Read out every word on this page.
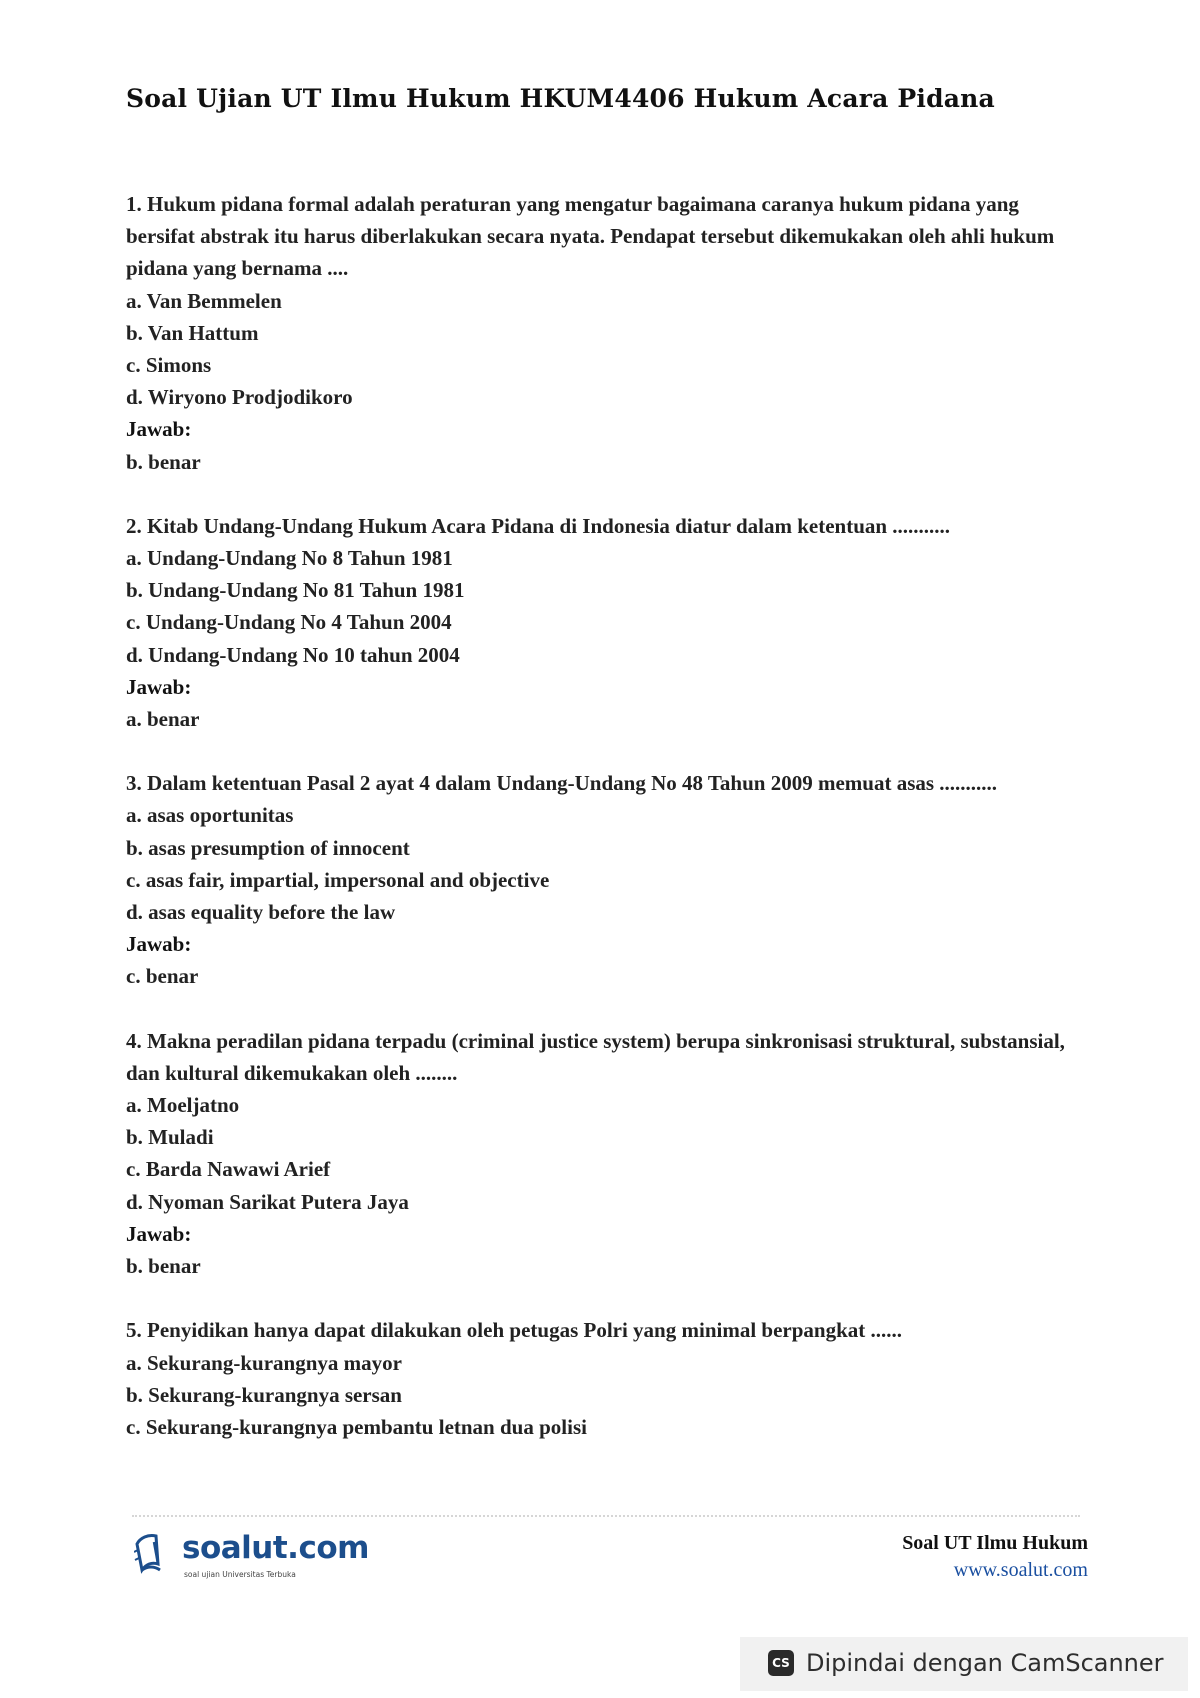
Soal Ujian UT Ilmu Hukum HKUM4406 Hukum Acara Pidana

1. Hukum pidana formal adalah peraturan yang mengatur bagaimana caranya hukum pidana yang bersifat abstrak itu harus diberlakukan secara nyata. Pendapat tersebut dikemukakan oleh ahli hukum pidana yang bernama ....

a. Van Bemmelen

b. Van Hattum

c. Simons

d. Wiryono Prodjodikoro

Jawab:

b. benar

2. Kitab Undang-Undang Hukum Acara Pidana di Indonesia diatur dalam ketentuan ...........

a. Undang-Undang No 8 Tahun 1981

b. Undang-Undang No 81 Tahun 1981

c. Undang-Undang No 4 Tahun 2004

d. Undang-Undang No 10 tahun 2004

Jawab:

a. benar

3. Dalam ketentuan Pasal 2 ayat 4 dalam Undang-Undang No 48 Tahun 2009 memuat asas ...........

a. asas oportunitas

b. asas presumption of innocent

c. asas fair, impartial, impersonal and objective

d. asas equality before the law

Jawab:

c. benar

4. Makna peradilan pidana terpadu (criminal justice system) berupa sinkronisasi struktural, substansial, dan kultural dikemukakan oleh ........

a. Moeljatno

b. Muladi

c. Barda Nawawi Arief

d. Nyoman Sarikat Putera Jaya

Jawab:

b. benar

5. Penyidikan hanya dapat dilakukan oleh petugas Polri yang minimal berpangkat ......

a. Sekurang-kurangnya mayor

b. Sekurang-kurangnya sersan

c. Sekurang-kurangnya pembantu letnan dua polisi

soalut.com
soal ujian Universitas Terbuka
Soal UT Ilmu Hukum
www.soalut.com
CS Dipindai dengan CamScanner
